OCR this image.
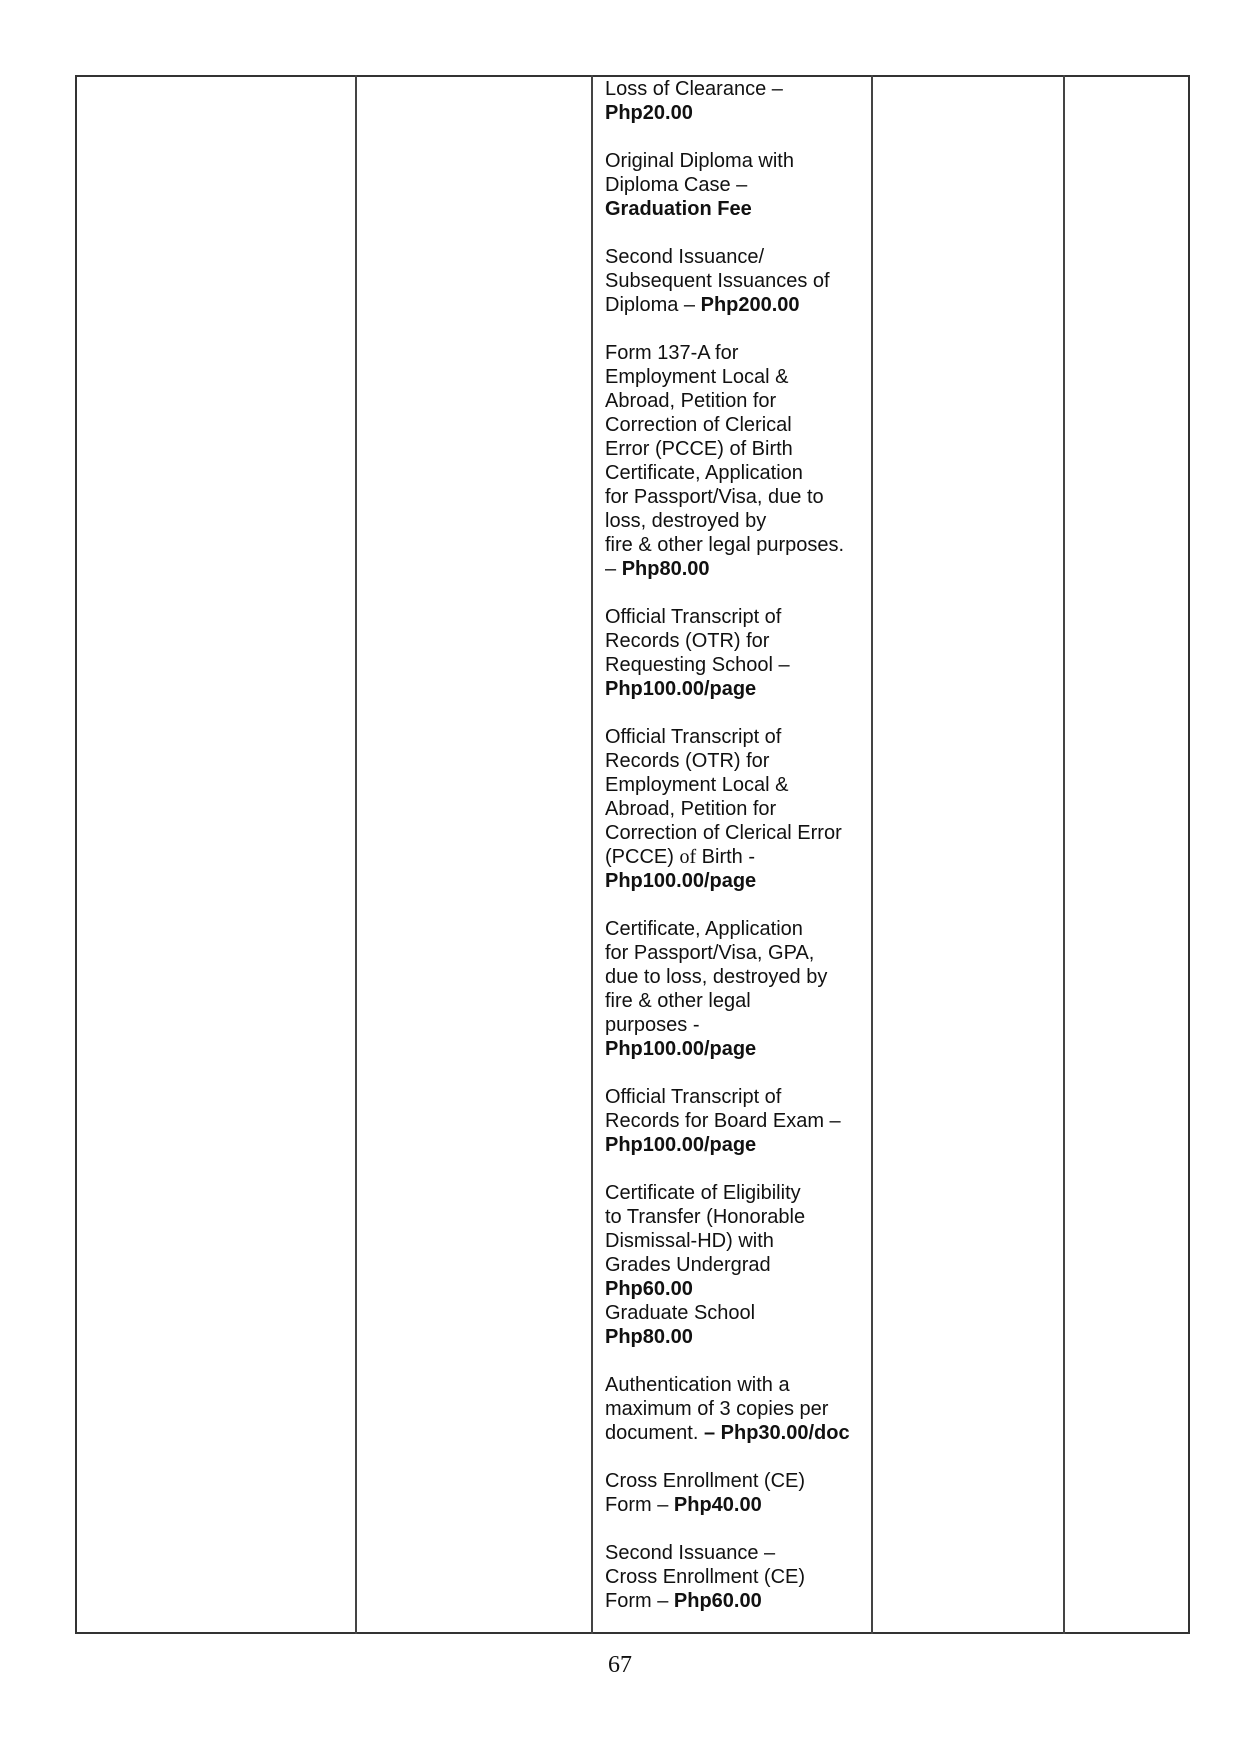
Loss of Clearance –
Php20.00
Original Diploma with
Diploma Case –
Graduation Fee
Second Issuance/
Subsequent Issuances of
Diploma – Php200.00
Form 137-A for
Employment Local &
Abroad, Petition for
Correction of Clerical
Error (PCCE) of Birth
Certificate, Application
for Passport/Visa, due to
loss, destroyed by
fire & other legal purposes.
– Php80.00
Official Transcript of
Records (OTR) for
Requesting School –
Php100.00/page
Official Transcript of
Records (OTR) for
Employment Local &
Abroad, Petition for
Correction of Clerical Error
(PCCE) of Birth -
Php100.00/page
Certificate, Application
for Passport/Visa, GPA,
due to loss, destroyed by
fire & other legal
purposes -
Php100.00/page
Official Transcript of
Records for Board Exam –
Php100.00/page
Certificate of Eligibility
to Transfer (Honorable
Dismissal-HD) with
Grades Undergrad
Php60.00
Graduate School
Php80.00
Authentication with a
maximum of 3 copies per
document. – Php30.00/doc
Cross Enrollment (CE)
Form – Php40.00
Second Issuance –
Cross Enrollment (CE)
Form – Php60.00
67
